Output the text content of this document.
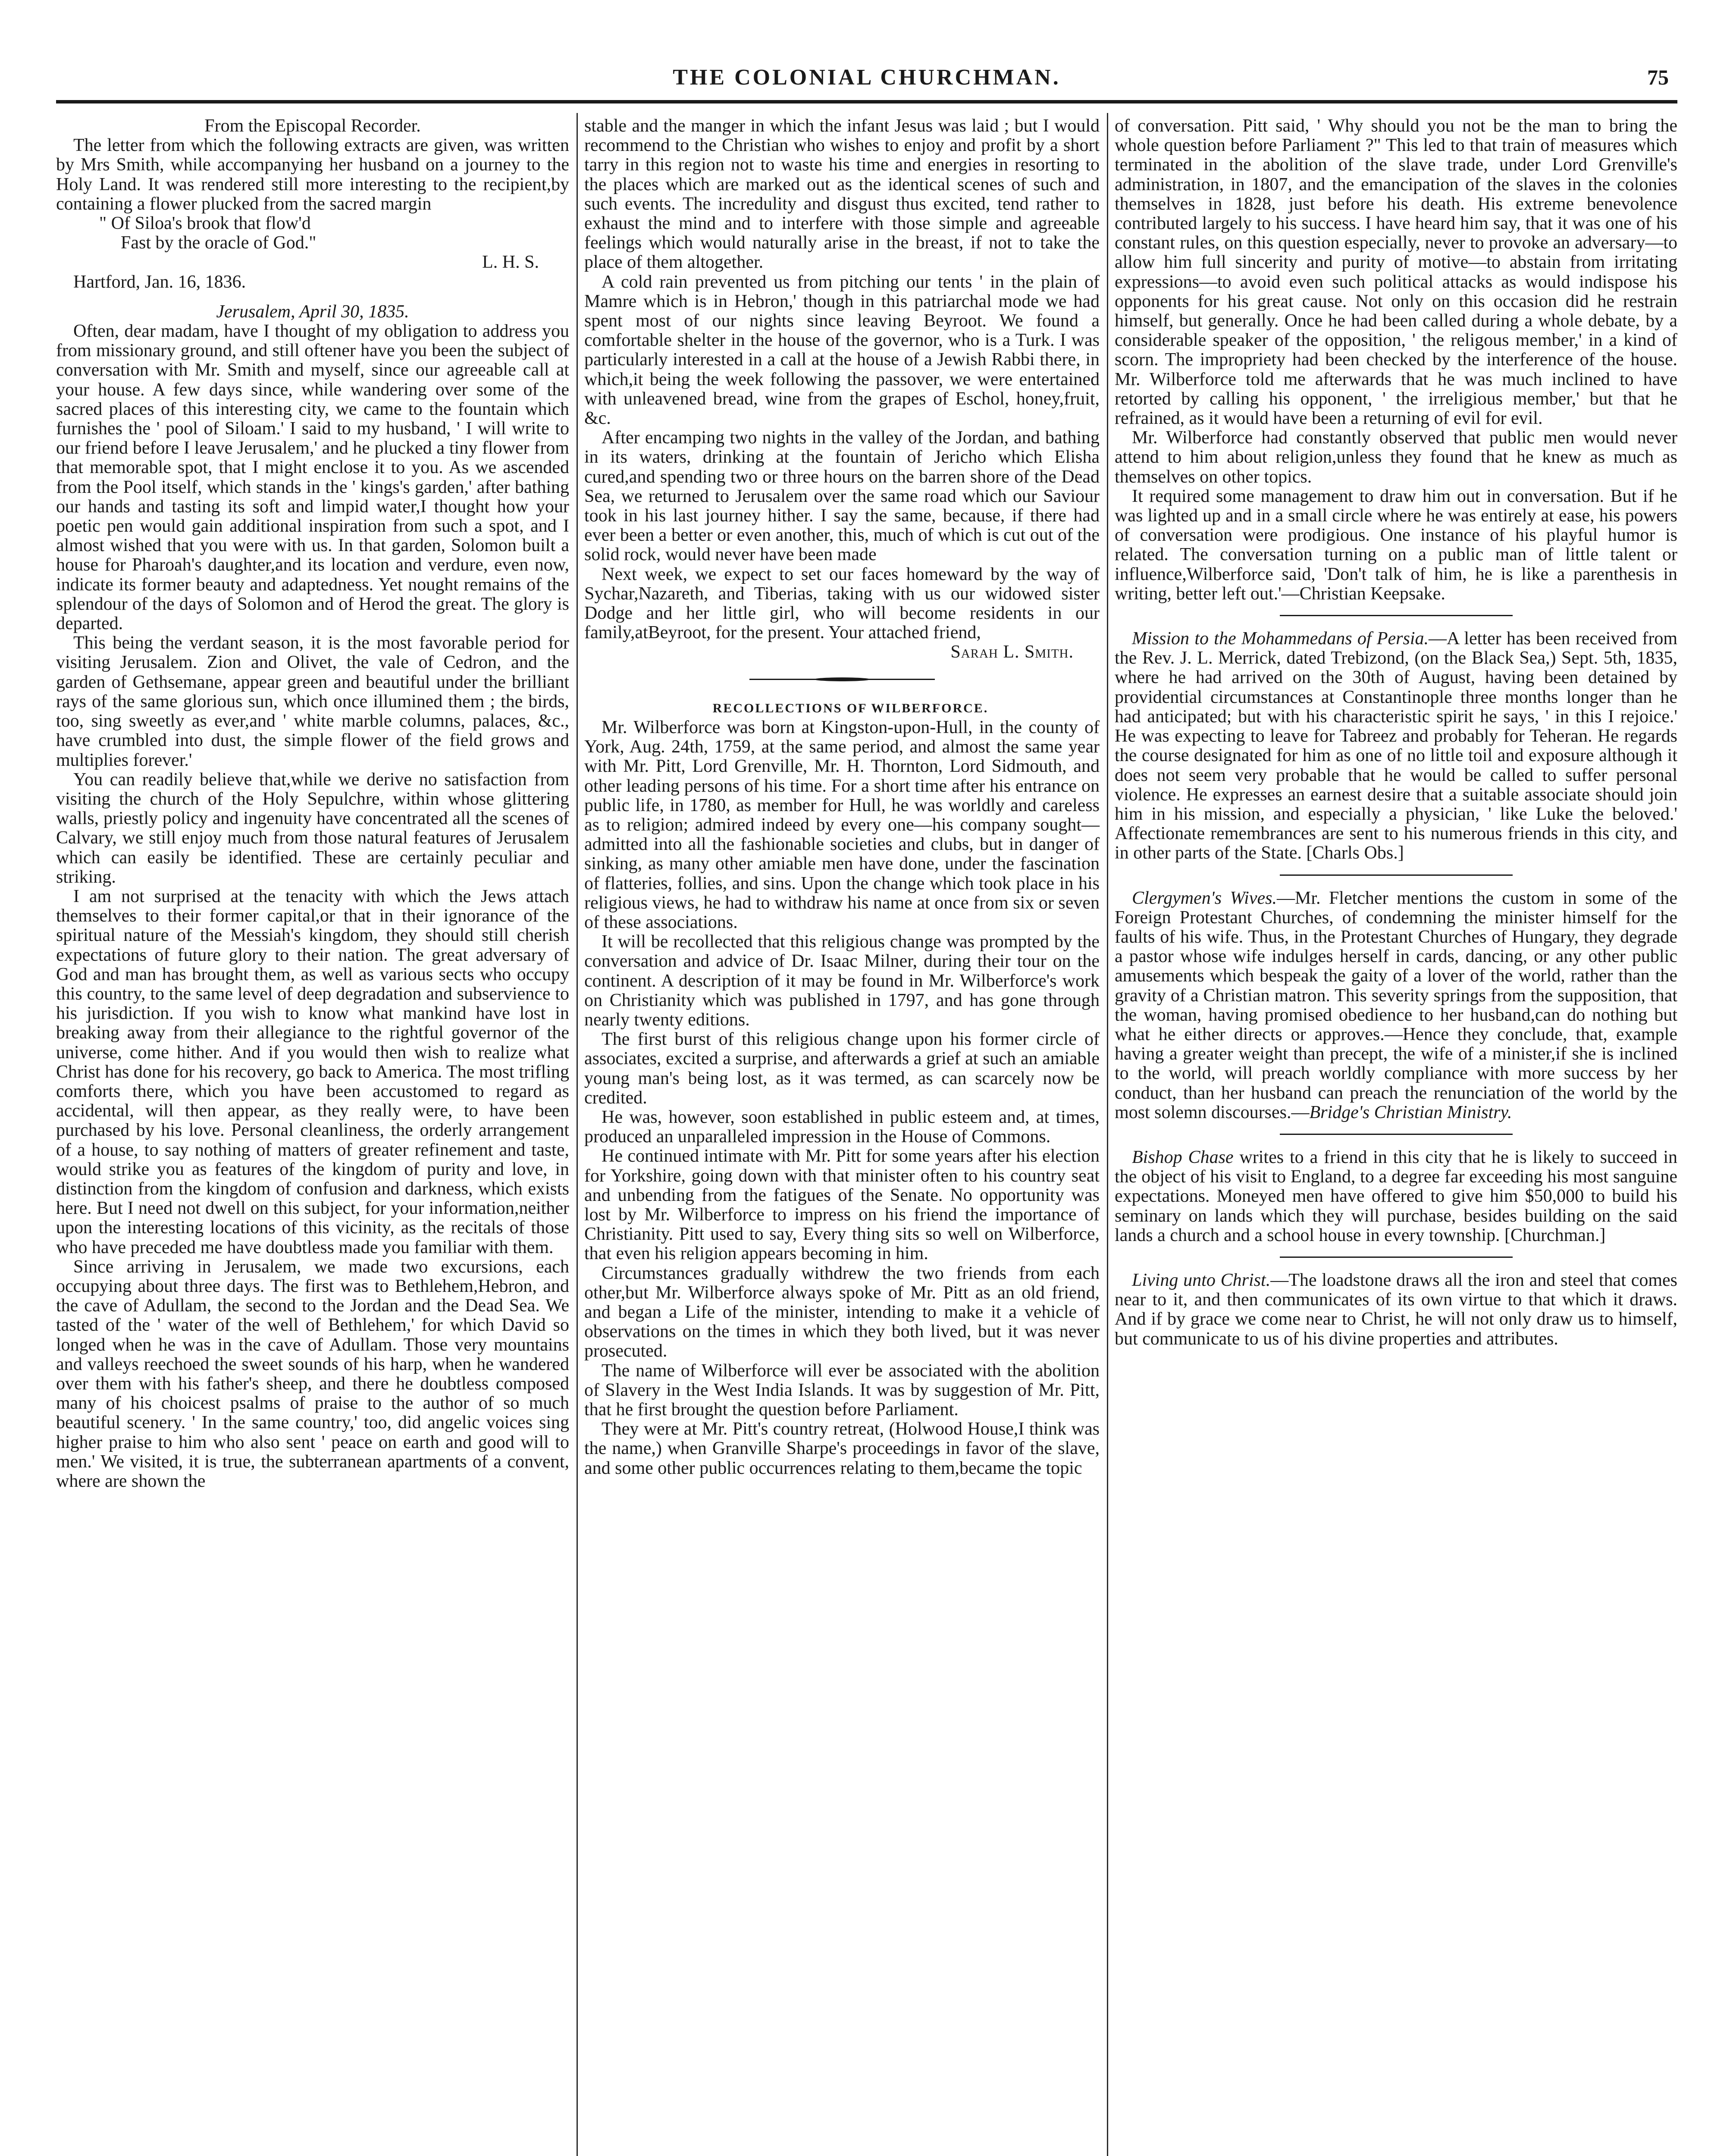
THE COLONIAL CHURCHMAN.	75

From the Episcopal Recorder.

The letter from which the following extracts are given, was written by Mrs Smith, while accompanying her husband on a journey to the Holy Land. It was rendered still more interesting to the recipient,by containing a flower plucked from the sacred margin

" Of Siloa's brook that flow'd

Fast by the oracle of God."

L. H. S.

Hartford, Jan. 16, 1836.

Jerusalem, April 30, 1835.

Often, dear madam, have I thought of my obligation to address you from missionary ground, and still oftener have you been the subject of conversation with Mr. Smith and myself, since our agreeable call at your house. A few days since, while wandering over some of the sacred places of this interesting city, we came to the fountain which furnishes the ' pool of Siloam.' I said to my husband, ' I will write to our friend before I leave Jerusalem,' and he plucked a tiny flower from that memorable spot, that I might enclose it to you. As we ascended from the Pool itself, which stands in the ' kings's garden,' after bathing our hands and tasting its soft and limpid water,I thought how your poetic pen would gain additional inspiration from such a spot, and I almost wished that you were with us. In that garden, Solomon built a house for Pharoah's daughter,and its location and verdure, even now, indicate its former beauty and adaptedness. Yet nought remains of the splendour of the days of Solomon and of Herod the great. The glory is departed.

This being the verdant season, it is the most favorable period for visiting Jerusalem. Zion and Olivet, the vale of Cedron, and the garden of Gethsemane, appear green and beautiful under the brilliant rays of the same glorious sun, which once illumined them ; the birds, too, sing sweetly as ever,and ' white marble columns, palaces, &c., have crumbled into dust, the simple flower of the field grows and multiplies forever.'

You can readily believe that,while we derive no satisfaction from visiting the church of the Holy Sepulchre, within whose glittering walls, priestly policy and ingenuity have concentrated all the scenes of Calvary, we still enjoy much from those natural features of Jerusalem which can easily be identified. These are certainly peculiar and striking.

I am not surprised at the tenacity with which the Jews attach themselves to their former capital,or that in their ignorance of the spiritual nature of the Messiah's kingdom, they should still cherish expectations of future glory to their nation. The great adversary of God and man has brought them, as well as various sects who occupy this country, to the same level of deep degradation and subservience to his jurisdiction. If you wish to know what mankind have lost in breaking away from their allegiance to the rightful governor of the universe, come hither. And if you would then wish to realize what Christ has done for his recovery, go back to America. The most trifling comforts there, which you have been accustomed to regard as accidental, will then appear, as they really were, to have been purchased by his love. Personal cleanliness, the orderly arrangement of a house, to say nothing of matters of greater refinement and taste, would strike you as features of the kingdom of purity and love, in distinction from the kingdom of confusion and darkness, which exists here. But I need not dwell on this subject, for your information,neither upon the interesting locations of this vicinity, as the recitals of those who have preceded me have doubtless made you familiar with them.

Since arriving in Jerusalem, we made two excursions, each occupying about three days. The first was to Bethlehem,Hebron, and the cave of Adullam, the second to the Jordan and the Dead Sea. We tasted of the ' water of the well of Bethlehem,' for which David so longed when he was in the cave of Adullam. Those very mountains and valleys reechoed the sweet sounds of his harp, when he wandered over them with his father's sheep, and there he doubtless composed many of his choicest psalms of praise to the author of so much beautiful scenery. ' In the same country,' too, did angelic voices sing higher praise to him who also sent ' peace on earth and good will to men.' We visited, it is true, the subterranean apartments of a convent, where are shown the

stable and the manger in which the infant Jesus was laid ; but I would recommend to the Christian who wishes to enjoy and profit by a short tarry in this region not to waste his time and energies in resorting to the places which are marked out as the identical scenes of such and such events. The incredulity and disgust thus excited, tend rather to exhaust the mind and to interfere with those simple and agreeable feelings which would naturally arise in the breast, if not to take the place of them altogether.

A cold rain prevented us from pitching our tents ' in the plain of Mamre which is in Hebron,' though in this patriarchal mode we had spent most of our nights since leaving Beyroot. We found a comfortable shelter in the house of the governor, who is a Turk. I was particularly interested in a call at the house of a Jewish Rabbi there, in which,it being the week following the passover, we were entertained with unleavened bread, wine from the grapes of Eschol, honey,fruit, &c.

After encamping two nights in the valley of the Jordan, and bathing in its waters, drinking at the fountain of Jericho which Elisha cured,and spending two or three hours on the barren shore of the Dead Sea, we returned to Jerusalem over the same road which our Saviour took in his last journey hither. I say the same, because, if there had ever been a better or even another, this, much of which is cut out of the solid rock, would never have been made

Next week, we expect to set our faces homeward by the way of Sychar,Nazareth, and Tiberias, taking with us our widowed sister Dodge and her little girl, who will become residents in our family,atBeyroot, for the present. Your attached friend,

Sarah L. Smith.

RECOLLECTIONS OF WILBERFORCE.

Mr. Wilberforce was born at Kingston-upon-Hull, in the county of York, Aug. 24th, 1759, at the same period, and almost the same year with Mr. Pitt, Lord Grenville, Mr. H. Thornton, Lord Sidmouth, and other leading persons of his time. For a short time after his entrance on public life, in 1780, as member for Hull, he was worldly and careless as to religion; admired indeed by every one—his company sought—admitted into all the fashionable societies and clubs, but in danger of sinking, as many other amiable men have done, under the fascination of flatteries, follies, and sins. Upon the change which took place in his religious views, he had to withdraw his name at once from six or seven of these associations.

It will be recollected that this religious change was prompted by the conversation and advice of Dr. Isaac Milner, during their tour on the continent. A description of it may be found in Mr. Wilberforce's work on Christianity which was published in 1797, and has gone through nearly twenty editions.

The first burst of this religious change upon his former circle of associates, excited a surprise, and afterwards a grief at such an amiable young man's being lost, as it was termed, as can scarcely now be credited.

He was, however, soon established in public esteem and, at times, produced an unparalleled impression in the House of Commons.

He continued intimate with Mr. Pitt for some years after his election for Yorkshire, going down with that minister often to his country seat and unbending from the fatigues of the Senate. No opportunity was lost by Mr. Wilberforce to impress on his friend the importance of Christianity. Pitt used to say, Every thing sits so well on Wilberforce, that even his religion appears becoming in him.

Circumstances gradually withdrew the two friends from each other,but Mr. Wilberforce always spoke of Mr. Pitt as an old friend, and began a Life of the minister, intending to make it a vehicle of observations on the times in which they both lived, but it was never prosecuted.

The name of Wilberforce will ever be associated with the abolition of Slavery in the West India Islands. It was by suggestion of Mr. Pitt, that he first brought the question before Parliament.

They were at Mr. Pitt's country retreat, (Holwood House,I think was the name,) when Granville Sharpe's proceedings in favor of the slave, and some other public occurrences relating to them,became the topic

of conversation. Pitt said, ' Why should you not be the man to bring the whole question before Parliament ?" This led to that train of measures which terminated in the abolition of the slave trade, under Lord Grenville's administration, in 1807, and the emancipation of the slaves in the colonies themselves in 1828, just before his death. His extreme benevolence contributed largely to his success. I have heard him say, that it was one of his constant rules, on this question especially, never to provoke an adversary—to allow him full sincerity and purity of motive—to abstain from irritating expressions—to avoid even such political attacks as would indispose his opponents for his great cause. Not only on this occasion did he restrain himself, but generally. Once he had been called during a whole debate, by a considerable speaker of the opposition, ' the religous member,' in a kind of scorn. The impropriety had been checked by the interference of the house. Mr. Wilberforce told me afterwards that he was much inclined to have retorted by calling his opponent, ' the irreligious member,' but that he refrained, as it would have been a returning of evil for evil.

Mr. Wilberforce had constantly observed that public men would never attend to him about religion,unless they found that he knew as much as themselves on other topics.

It required some management to draw him out in conversation. But if he was lighted up and in a small circle where he was entirely at ease, his powers of conversation were prodigious. One instance of his playful humor is related. The conversation turning on a public man of little talent or influence,Wilberforce said, 'Don't talk of him, he is like a parenthesis in writing, better left out.'—Christian Keepsake.

Mission to the Mohammedans of Persia.—A letter has been received from the Rev. J. L. Merrick, dated Trebizond, (on the Black Sea,) Sept. 5th, 1835, where he had arrived on the 30th of August, having been detained by providential circumstances at Constantinople three months longer than he had anticipated; but with his characteristic spirit he says, ' in this I rejoice.' He was expecting to leave for Tabreez and probably for Teheran. He regards the course designated for him as one of no little toil and exposure although it does not seem very probable that he would be called to suffer personal violence. He expresses an earnest desire that a suitable associate should join him in his mission, and especially a physician, ' like Luke the beloved.' Affectionate remembrances are sent to his numerous friends in this city, and in other parts of the State. [Charls Obs.]

Clergymen's Wives.—Mr. Fletcher mentions the custom in some of the Foreign Protestant Churches, of condemning the minister himself for the faults of his wife. Thus, in the Protestant Churches of Hungary, they degrade a pastor whose wife indulges herself in cards, dancing, or any other public amusements which bespeak the gaity of a lover of the world, rather than the gravity of a Christian matron. This severity springs from the supposition, that the woman, having promised obedience to her husband,can do nothing but what he either directs or approves.—Hence they conclude, that, example having a greater weight than precept, the wife of a minister,if she is inclined to the world, will preach worldly compliance with more success by her conduct, than her husband can preach the renunciation of the world by the most solemn discourses.—Bridge's Christian Ministry.

Bishop Chase writes to a friend in this city that he is likely to succeed in the object of his visit to England, to a degree far exceeding his most sanguine expectations. Moneyed men have offered to give him $50,000 to build his seminary on lands which they will purchase, besides building on the said lands a church and a school house in every township. [Churchman.]

Living unto Christ.—The loadstone draws all the iron and steel that comes near to it, and then communicates of its own virtue to that which it draws. And if by grace we come near to Christ, he will not only draw us to himself, but communicate to us of his divine properties and attributes.
